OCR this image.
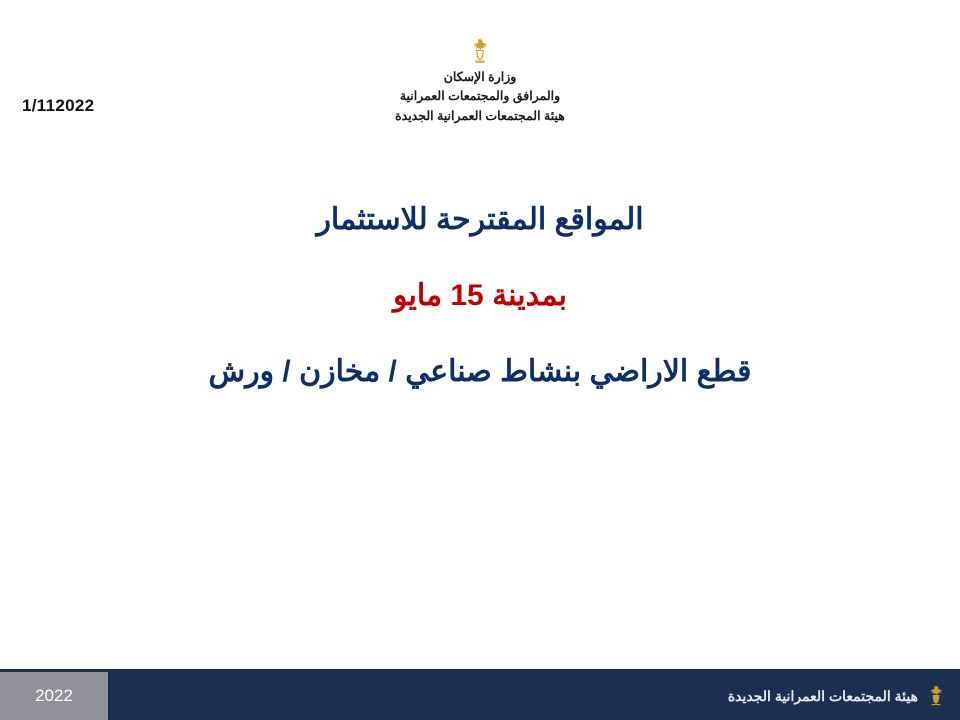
1/112022
وزارة الإسكان
والمرافق والمجتمعات العمرانية
هيئة المجتمعات العمرانية الجديدة
المواقع المقترحة للاستثمار
بمدينة 15 مايو
قطع الاراضي بنشاط صناعي / مخازن / ورش
هيئة المجتمعات العمرانية الجديدة
2022
